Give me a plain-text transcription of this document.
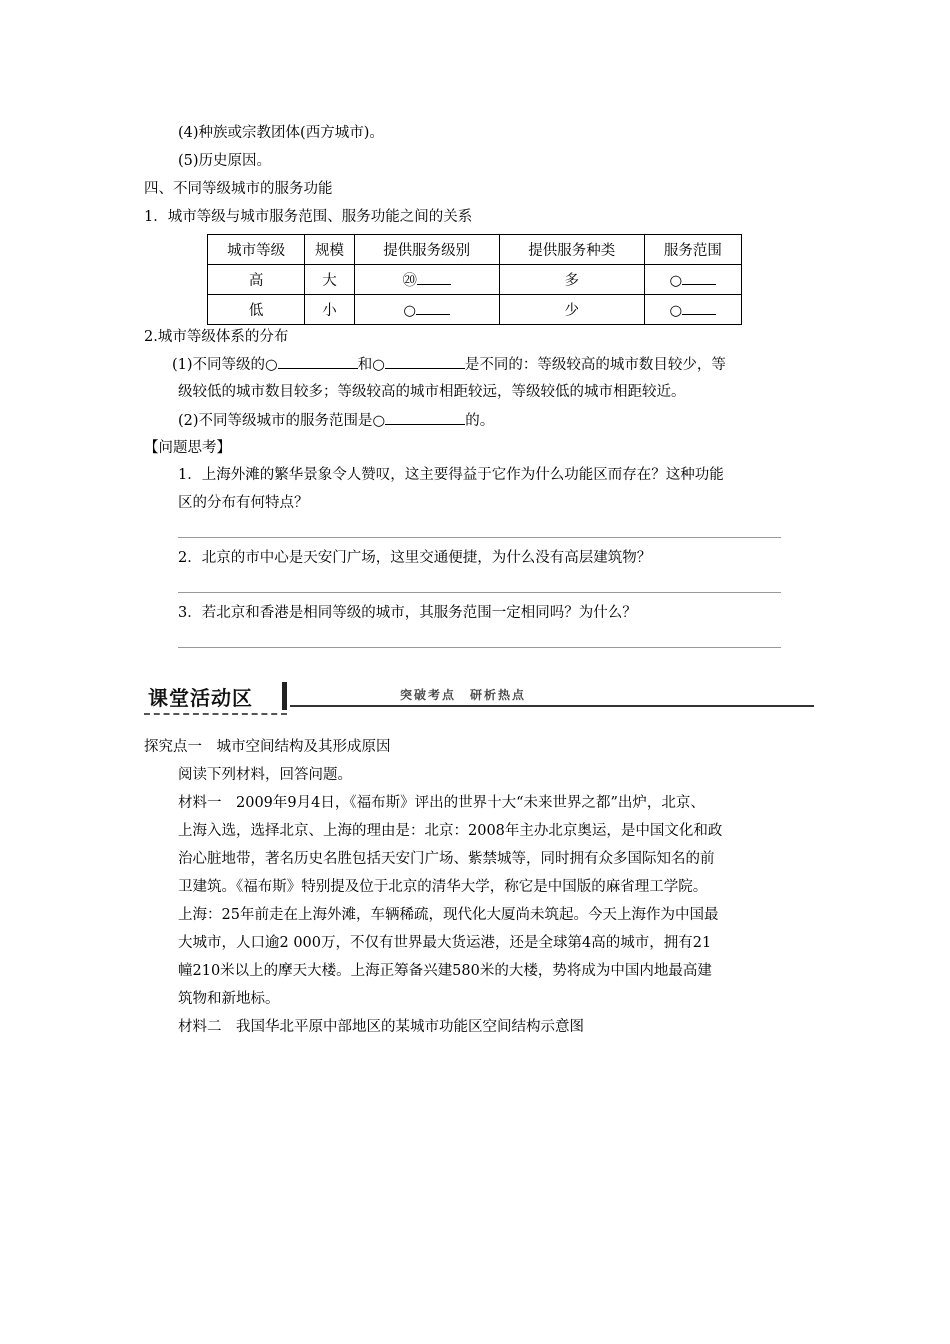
(4)种族或宗教团体(西方城市)。
(5)历史原因。
四、不同等级城市的服务功能
1．城市等级与城市服务范围、服务功能之间的关系
城市等级	规模	提供服务级别	提供服务种类	服务范围
高	大	⑳	多	○
低	小	○	少	○
2.城市等级体系的分布
(1)不同等级的○	和○	是不同的：等级较高的城市数目较少，等
级较低的城市数目较多；等级较高的城市相距较远，等级较低的城市相距较近。
(2)不同等级城市的服务范围是○	的。
【问题思考】
1．上海外滩的繁华景象令人赞叹，这主要得益于它作为什么功能区而存在？这种功能
区的分布有何特点？
2．北京的市中心是天安门广场，这里交通便捷，为什么没有高层建筑物？
3．若北京和香港是相同等级的城市，其服务范围一定相同吗？为什么？
课堂活动区	突破考点　研析热点
探究点一　城市空间结构及其形成原因
阅读下列材料，回答问题。
材料一　2009年9月4日，《福布斯》评出的世界十大“未来世界之都”出炉，北京、
上海入选，选择北京、上海的理由是：北京：2008年主办北京奥运，是中国文化和政
治心脏地带，著名历史名胜包括天安门广场、紫禁城等，同时拥有众多国际知名的前
卫建筑。《福布斯》特别提及位于北京的清华大学，称它是中国版的麻省理工学院。
上海：25年前走在上海外滩，车辆稀疏，现代化大厦尚未筑起。今天上海作为中国最
大城市，人口逾2 000万，不仅有世界最大货运港，还是全球第4高的城市，拥有21
幢210米以上的摩天大楼。上海正筹备兴建580米的大楼，势将成为中国内地最高建
筑物和新地标。
材料二　我国华北平原中部地区的某城市功能区空间结构示意图
